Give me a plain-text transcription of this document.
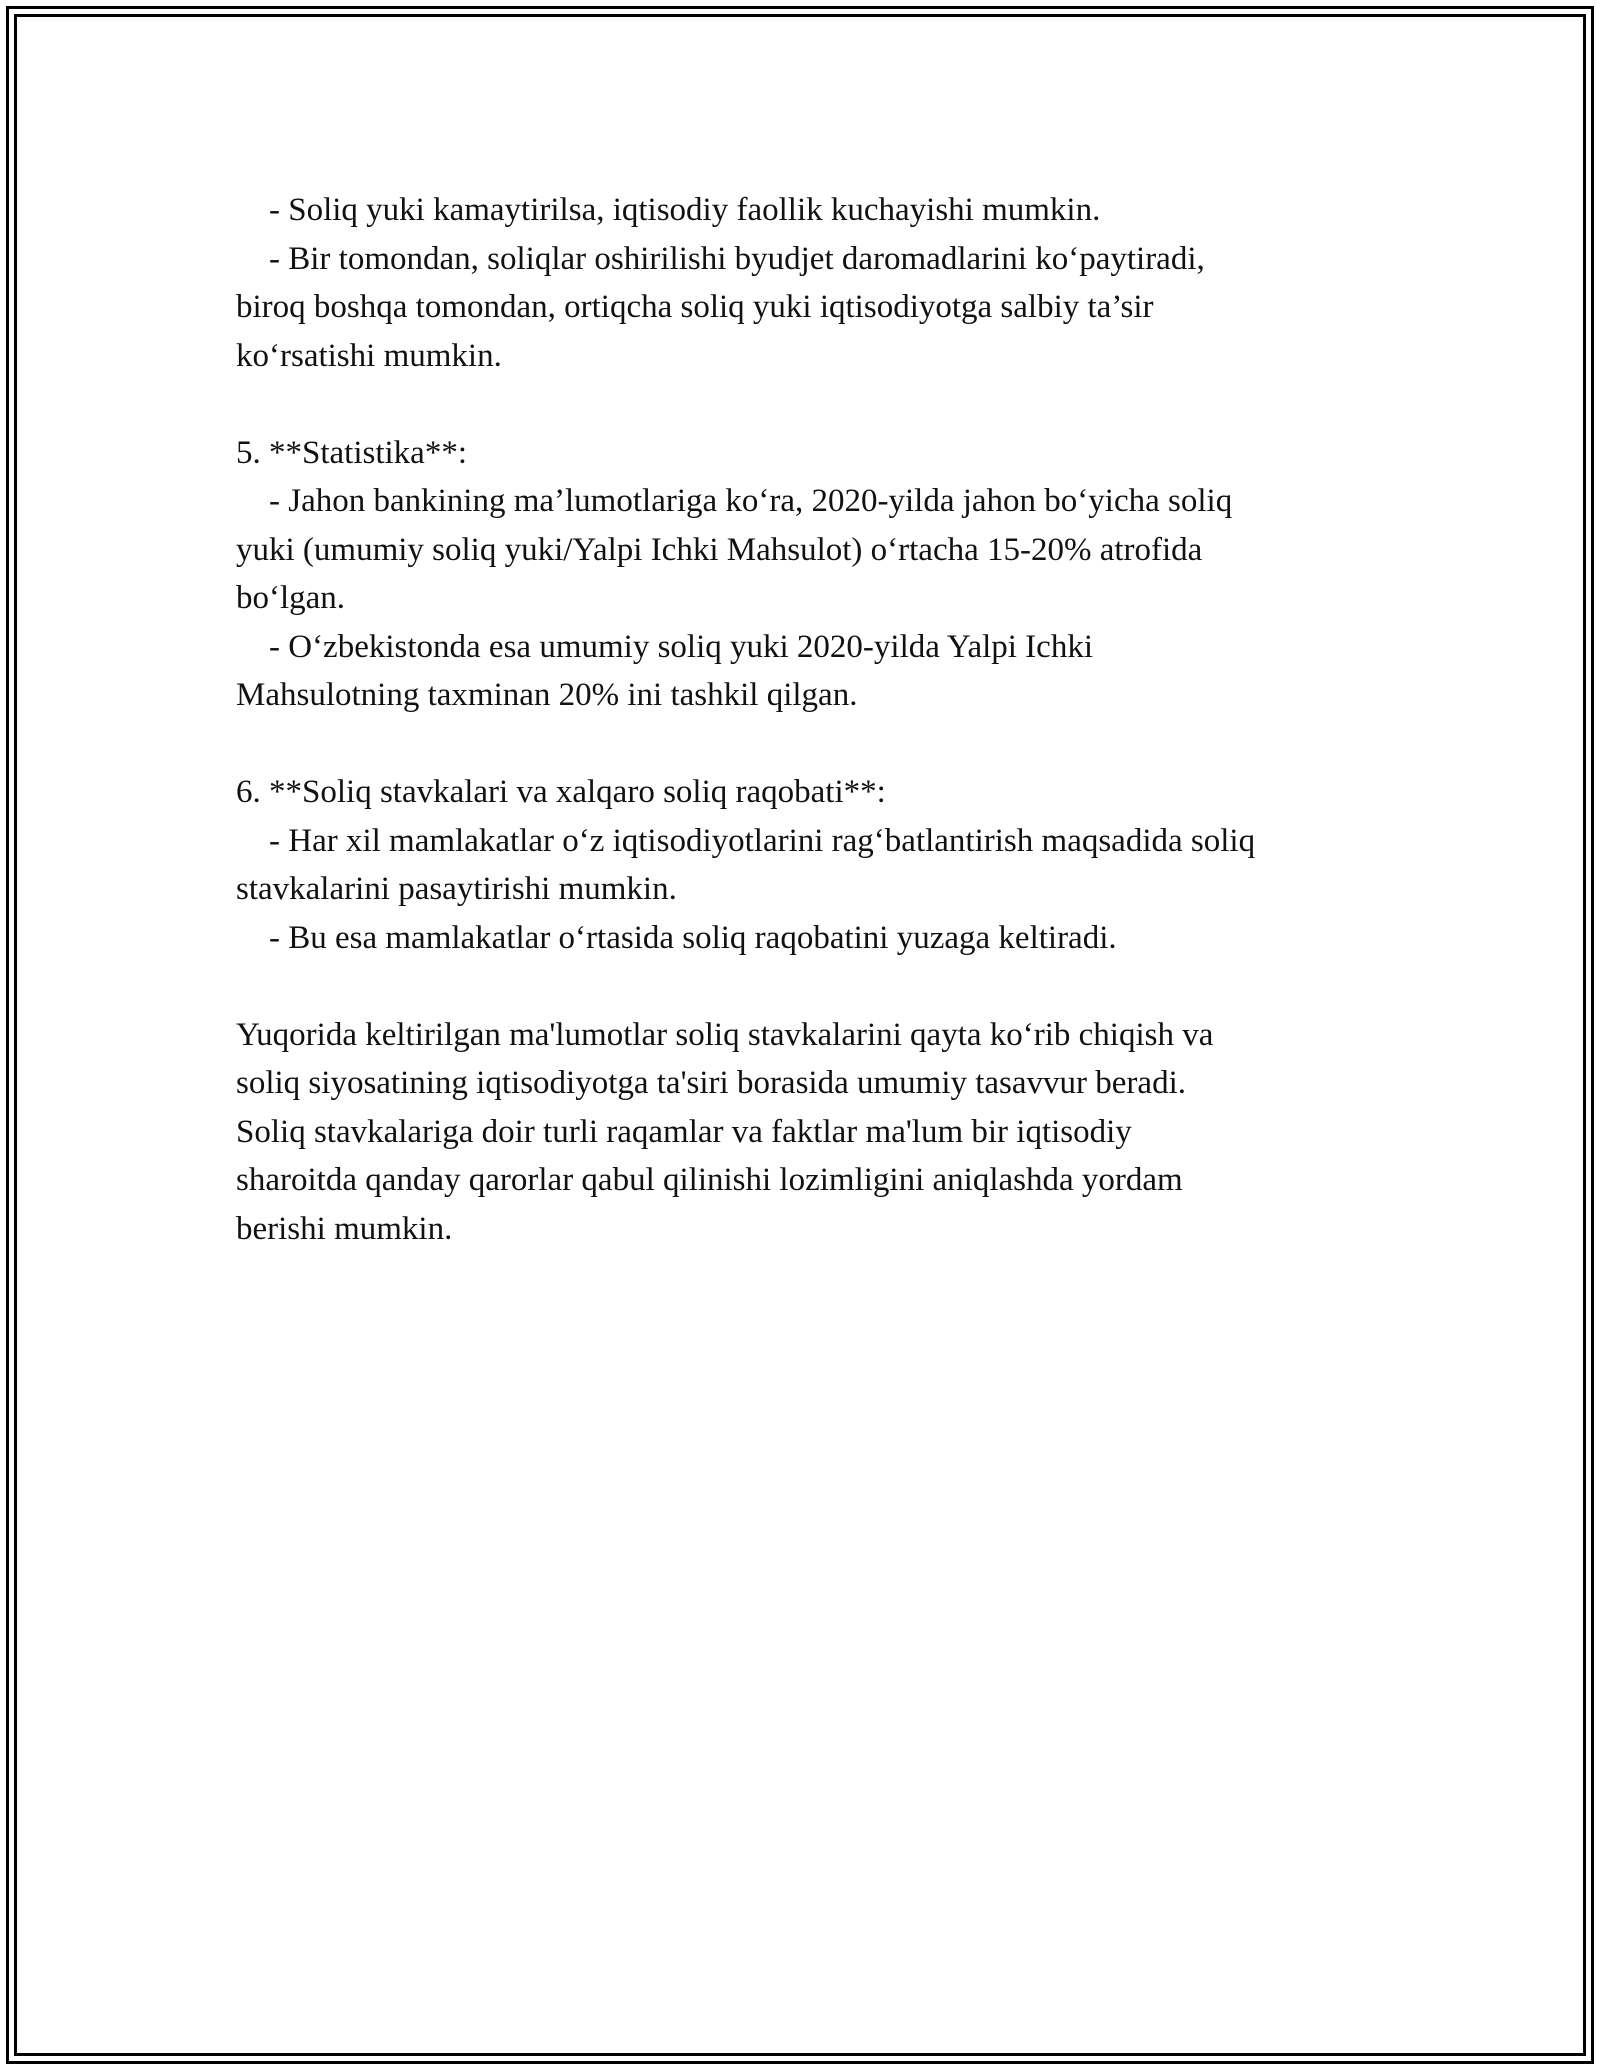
- Soliq yuki kamaytirilsa, iqtisodiy faollik kuchayishi mumkin.
- Bir tomondan, soliqlar oshirilishi byudjet daromadlarini ko‘paytiradi,
biroq boshqa tomondan, ortiqcha soliq yuki iqtisodiyotga salbiy ta’sir
ko‘rsatishi mumkin.
5. **Statistika**:
- Jahon bankining ma’lumotlariga ko‘ra, 2020-yilda jahon bo‘yicha soliq
yuki (umumiy soliq yuki/Yalpi Ichki Mahsulot) o‘rtacha 15-20% atrofida
bo‘lgan.
- O‘zbekistonda esa umumiy soliq yuki 2020-yilda Yalpi Ichki
Mahsulotning taxminan 20% ini tashkil qilgan.
6. **Soliq stavkalari va xalqaro soliq raqobati**:
- Har xil mamlakatlar o‘z iqtisodiyotlarini rag‘batlantirish maqsadida soliq
stavkalarini pasaytirishi mumkin.
- Bu esa mamlakatlar o‘rtasida soliq raqobatini yuzaga keltiradi.
Yuqorida keltirilgan ma'lumotlar soliq stavkalarini qayta ko‘rib chiqish va
soliq siyosatining iqtisodiyotga ta'siri borasida umumiy tasavvur beradi.
Soliq stavkalariga doir turli raqamlar va faktlar ma'lum bir iqtisodiy
sharoitda qanday qarorlar qabul qilinishi lozimligini aniqlashda yordam
berishi mumkin.
